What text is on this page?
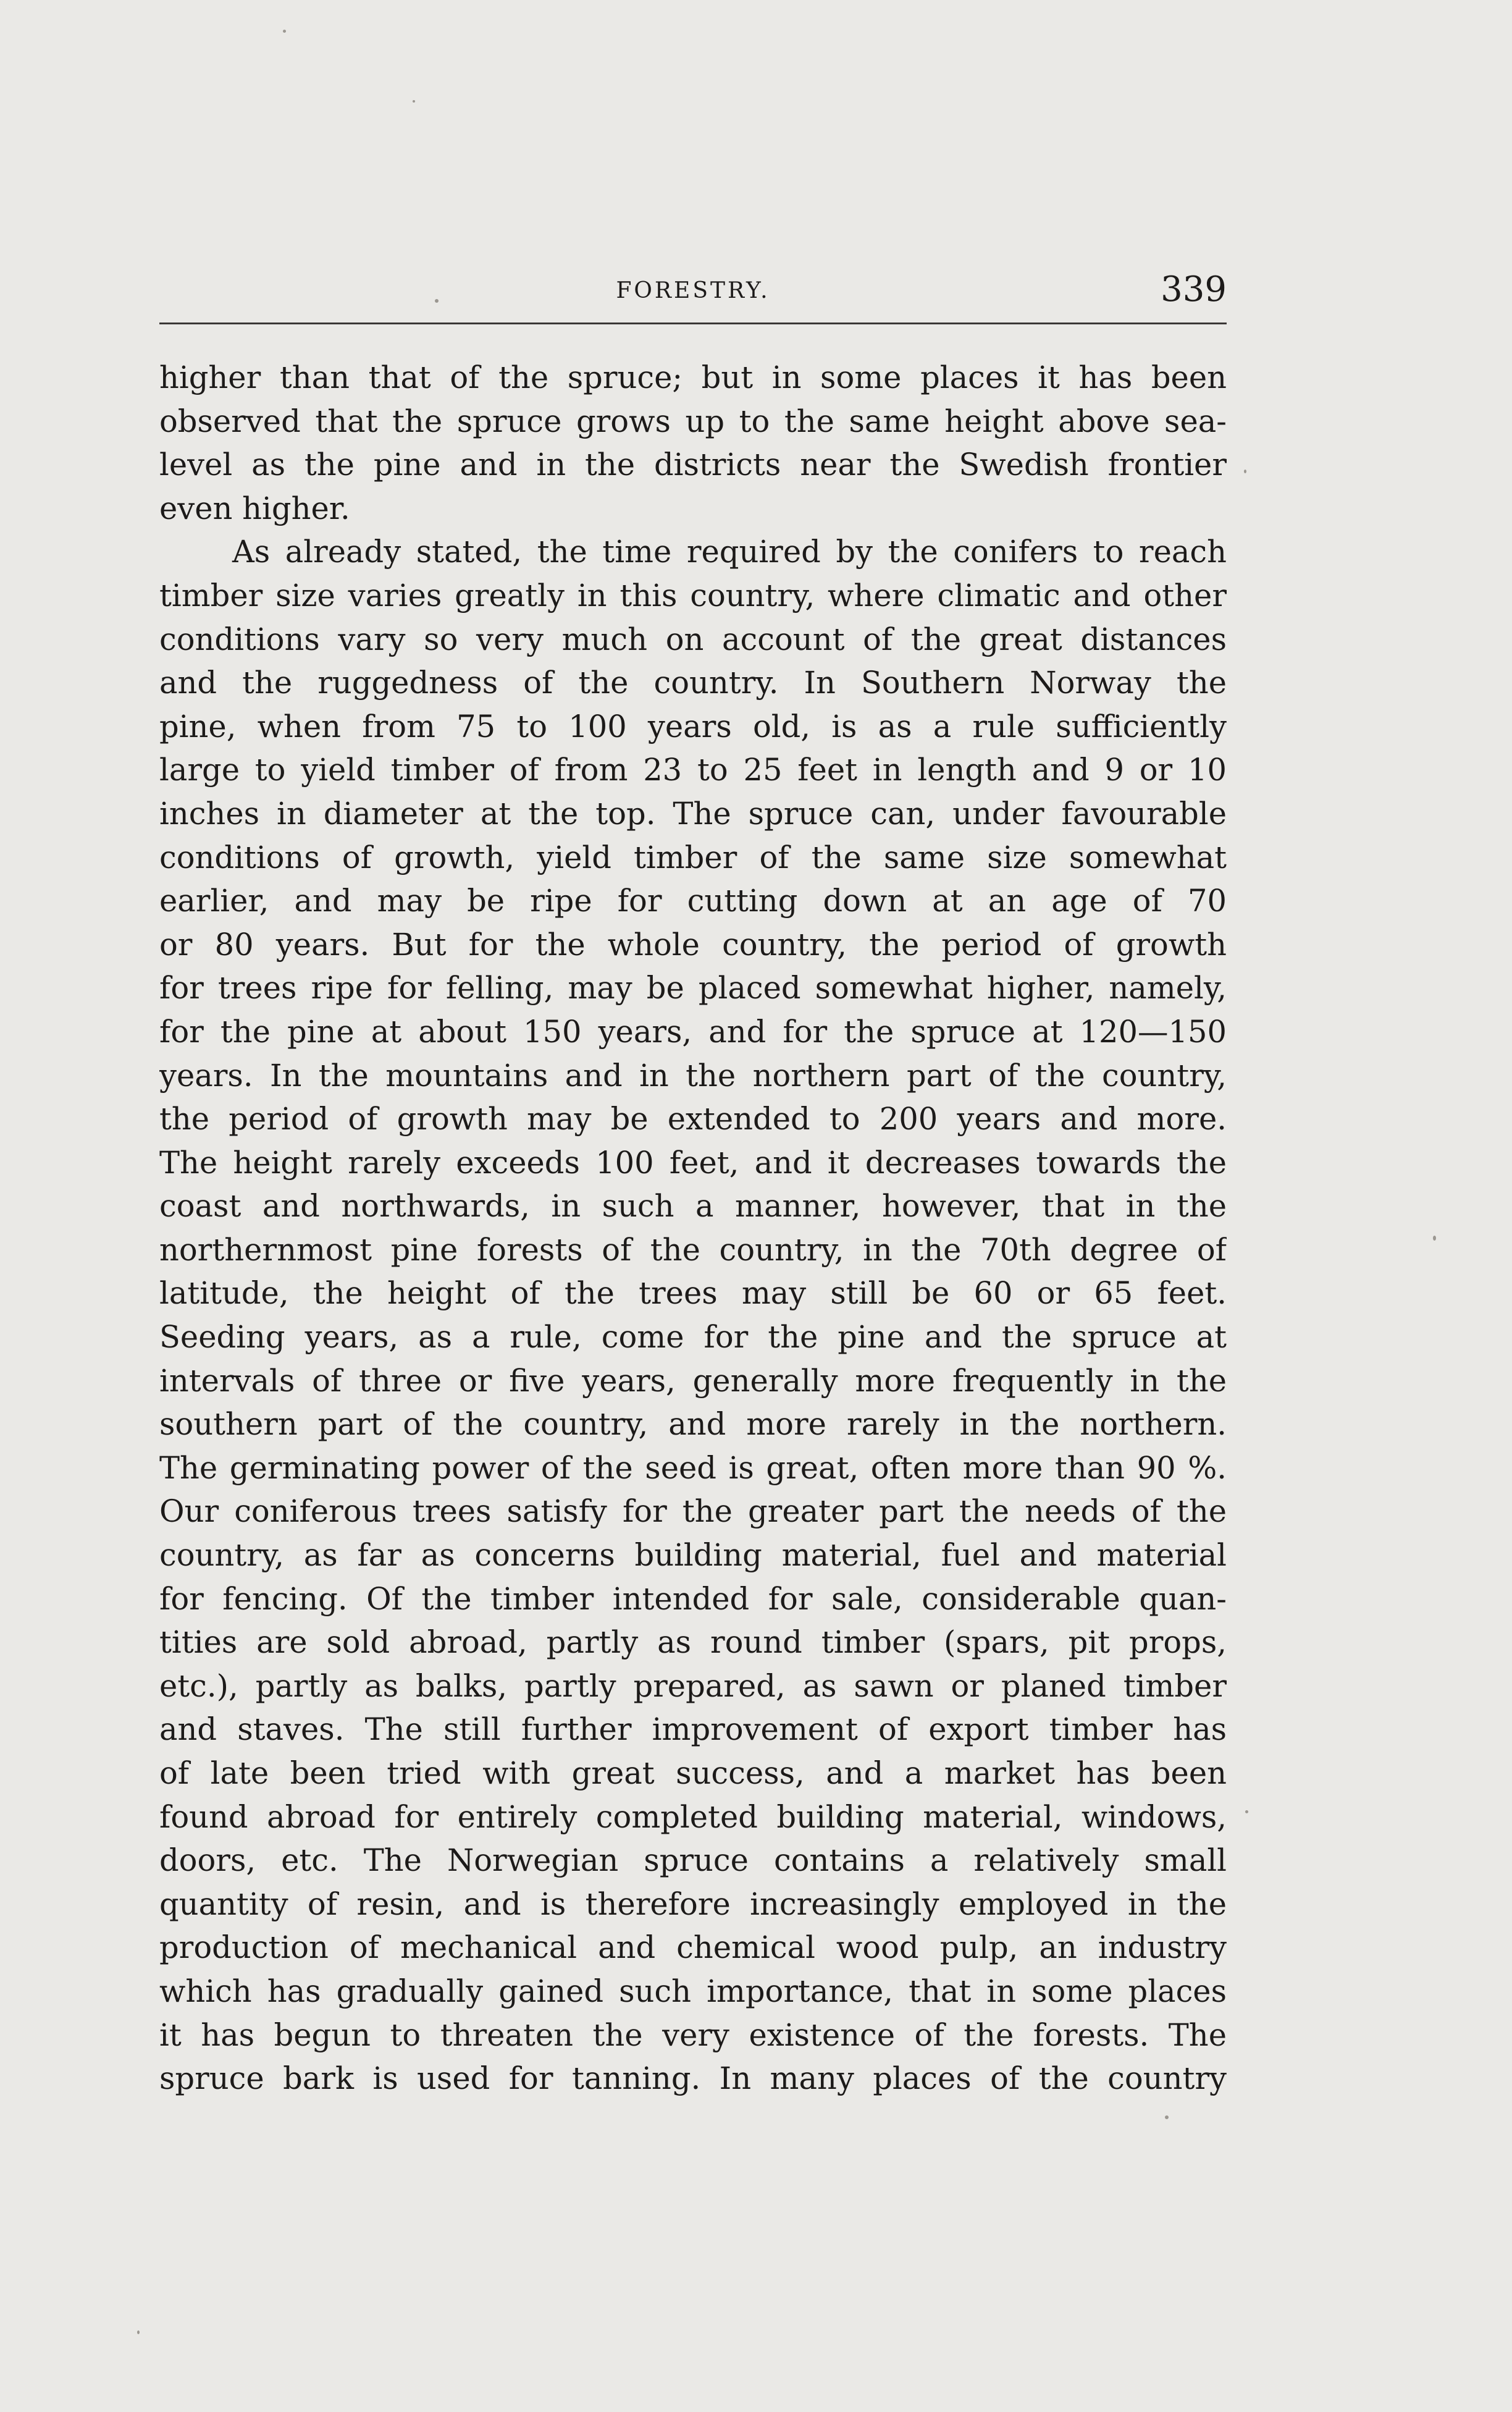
FORESTRY.	339
higher than that of the spruce; but in some places it has been
observed that the spruce grows up to the same height above sea-
level as the pine and in the districts near the Swedish frontier
even higher.
As already stated, the time required by the conifers to reach
timber size varies greatly in this country, where climatic and other
conditions vary so very much on account of the great distances
and the ruggedness of the country. In Southern Norway the
pine, when from 75 to 100 years old, is as a rule sufficiently
large to yield timber of from 23 to 25 feet in length and 9 or 10
inches in diameter at the top. The spruce can, under favourable
conditions of growth, yield timber of the same size somewhat
earlier, and may be ripe for cutting down at an age of 70
or 80 years. But for the whole country, the period of growth
for trees ripe for felling, may be placed somewhat higher, namely,
for the pine at about 150 years, and for the spruce at 120—150
years. In the mountains and in the northern part of the country,
the period of growth may be extended to 200 years and more.
The height rarely exceeds 100 feet, and it decreases towards the
coast and northwards, in such a manner, however, that in the
northernmost pine forests of the country, in the 70th degree of
latitude, the height of the trees may still be 60 or 65 feet.
Seeding years, as a rule, come for the pine and the spruce at
intervals of three or five years, generally more frequently in the
southern part of the country, and more rarely in the northern.
The germinating power of the seed is great, often more than 90 %.
Our coniferous trees satisfy for the greater part the needs of the
country, as far as concerns building material, fuel and material
for fencing. Of the timber intended for sale, considerable quan-
tities are sold abroad, partly as round timber (spars, pit props,
etc.), partly as balks, partly prepared, as sawn or planed timber
and staves. The still further improvement of export timber has
of late been tried with great success, and a market has been
found abroad for entirely completed building material, windows,
doors, etc. The Norwegian spruce contains a relatively small
quantity of resin, and is therefore increasingly employed in the
production of mechanical and chemical wood pulp, an industry
which has gradually gained such importance, that in some places
it has begun to threaten the very existence of the forests. The
spruce bark is used for tanning. In many places of the country
